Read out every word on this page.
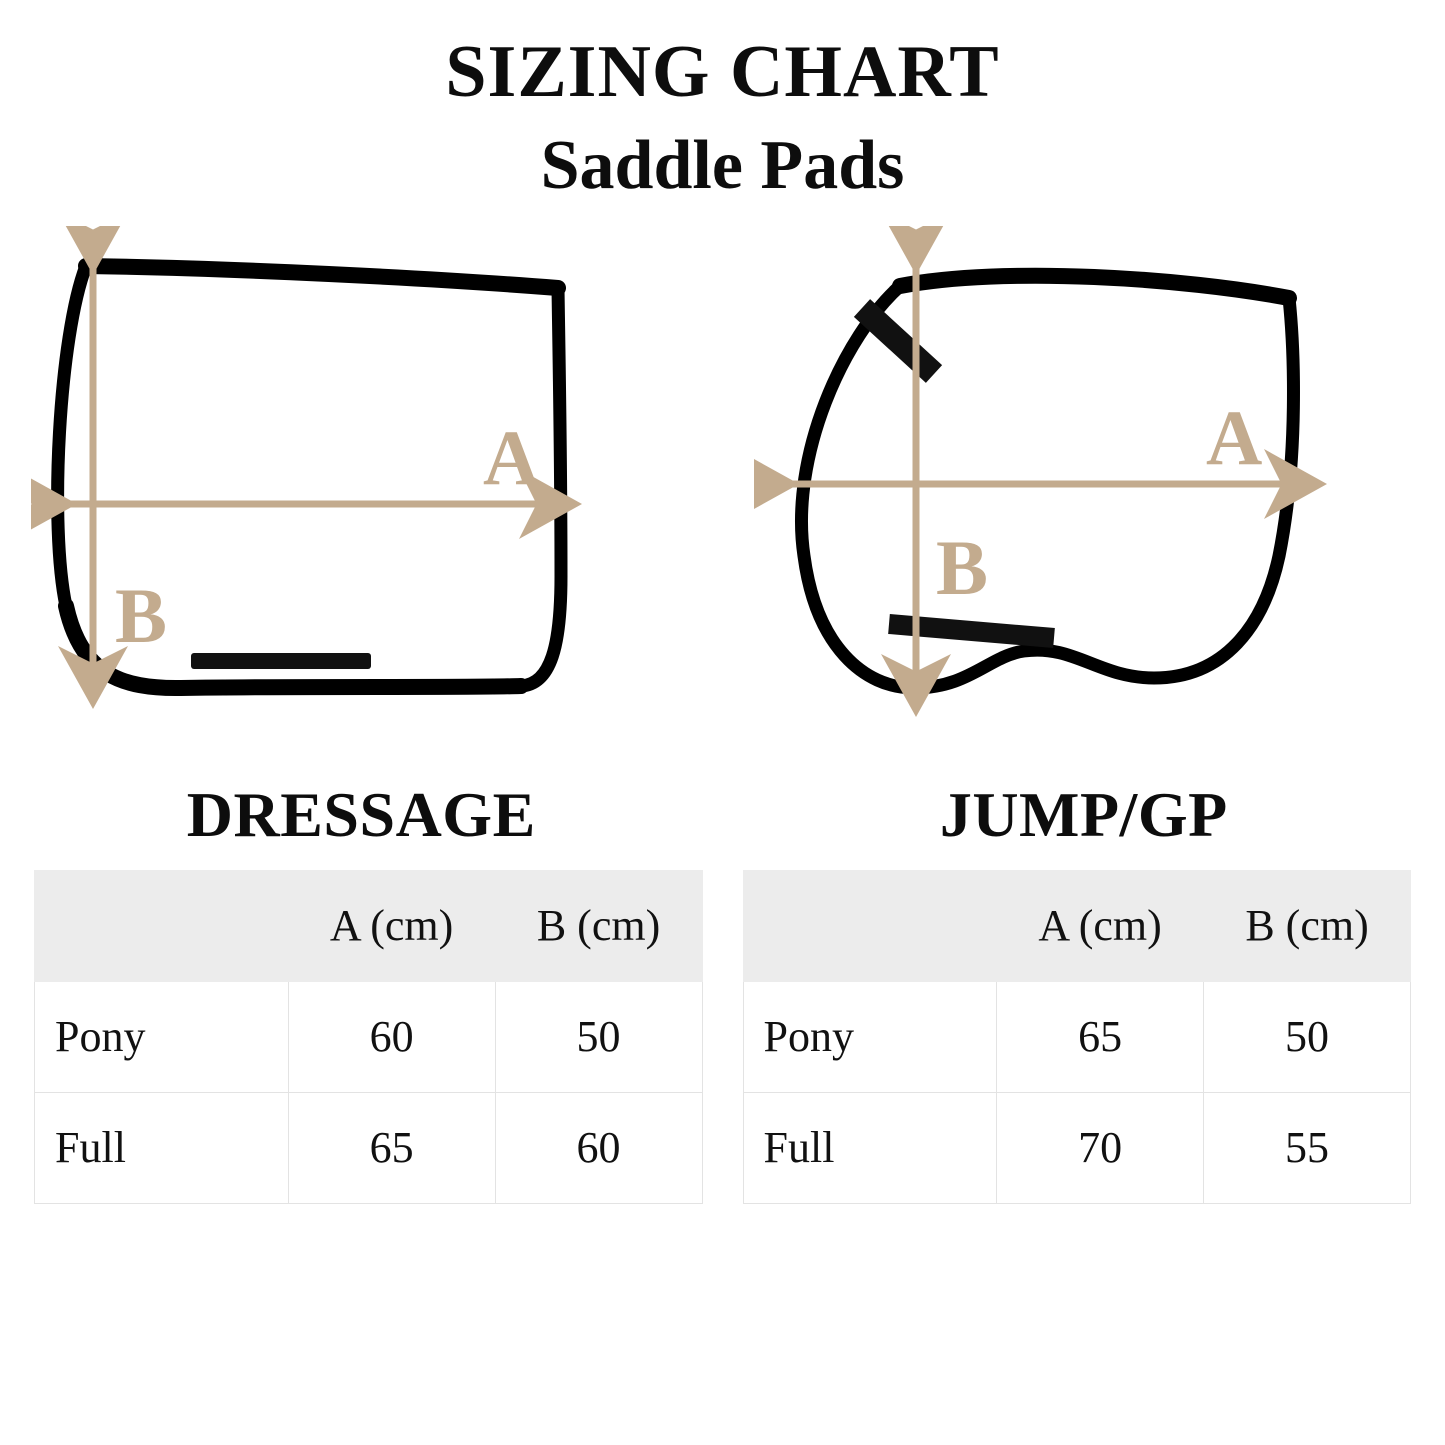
SIZING CHART
Saddle Pads
A
B
A
B
DRESSAGE	JUMP/GP
	A (cm)	B (cm)
Pony	60	50
Full	65	60
	A (cm)	B (cm)
Pony	65	50
Full	70	55
